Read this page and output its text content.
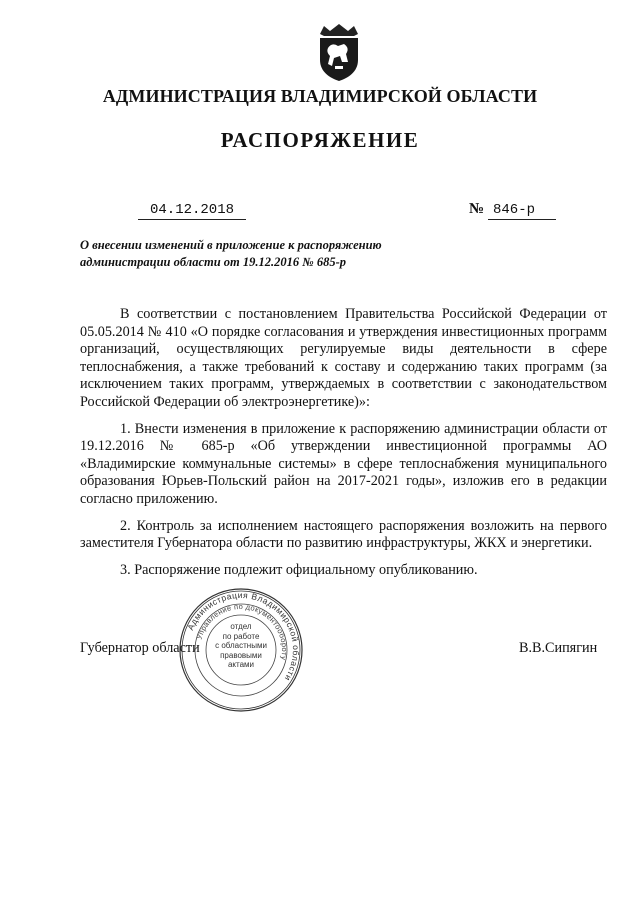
АДМИНИСТРАЦИЯ ВЛАДИМИРСКОЙ ОБЛАСТИ
РАСПОРЯЖЕНИЕ
04.12.2018	№ 846-р
О внесении изменений в приложение к распоряжению
администрации области от 19.12.2016 № 685-р

В соответствии с постановлением Правительства Российской Федерации от 05.05.2014 № 410 «О порядке согласования и утверждения инвестиционных программ организаций, осуществляющих регулируемые виды деятельности в сфере теплоснабжения, а также требований к составу и содержанию таких программ (за исключением таких программ, утверждаемых в соответствии с законодательством Российской Федерации об электроэнергетике)»:

1. Внести изменения в приложение к распоряжению администрации области от 19.12.2016 № 685-р «Об утверждении инвестиционной программы АО «Владимирские коммунальные системы» в сфере теплоснабжения муниципального образования Юрьев-Польский район на 2017-2021 годы», изложив его в редакции согласно приложению.

2. Контроль за исполнением настоящего распоряжения возложить на первого заместителя Губернатора области по развитию инфраструктуры, ЖКХ и энергетики.

3. Распоряжение подлежит официальному опубликованию.

Губернатор области	В.В.Сипягин
Администрация Владимирской области
Управление по документообороту
отдел
по работе
с областными
правовыми
актами
